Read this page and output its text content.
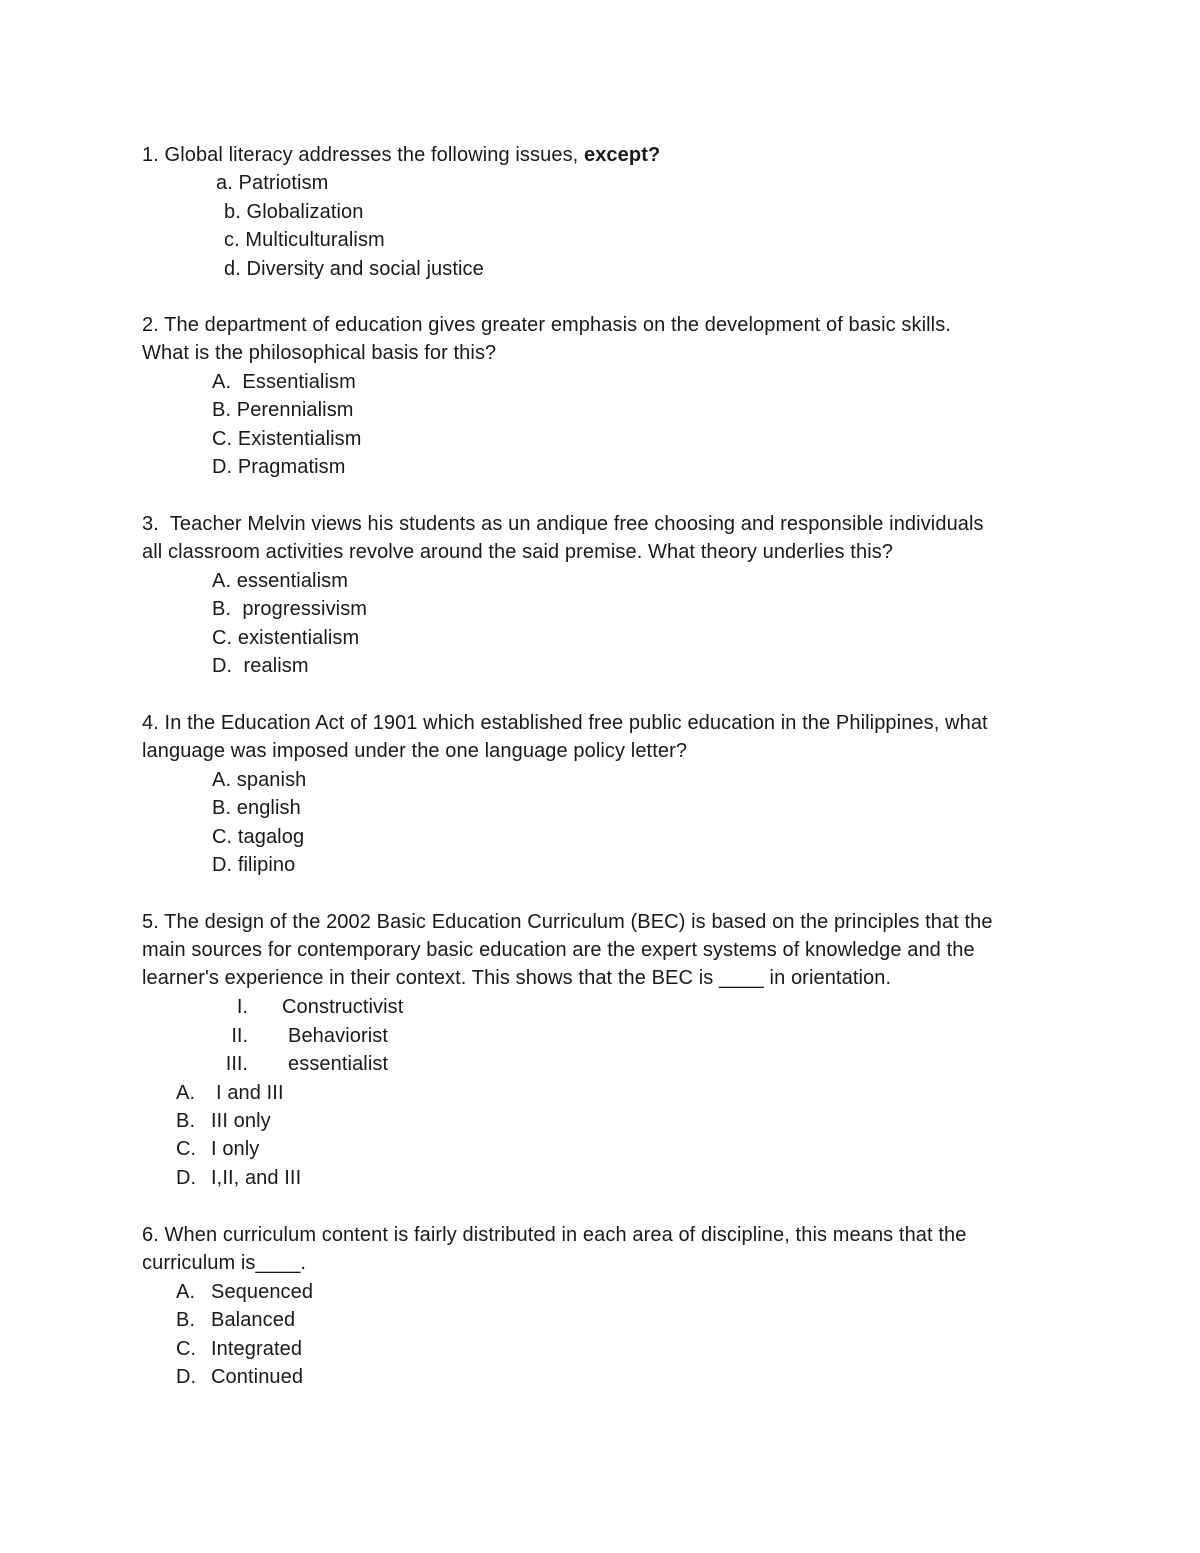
1. Global literacy addresses the following issues, except?
a. Patriotism
b. Globalization
c. Multiculturalism
d. Diversity and social justice
2. The department of education gives greater emphasis on the development of basic skills.
What is the philosophical basis for this?
A.  Essentialism
B. Perennialism
C. Existentialism
D. Pragmatism
3.  Teacher Melvin views his students as un andique free choosing and responsible individuals
all classroom activities revolve around the said premise. What theory underlies this?
A. essentialism
B.  progressivism
C. existentialism
D.  realism
4. In the Education Act of 1901 which established free public education in the Philippines, what
language was imposed under the one language policy letter?
A. spanish
B. english
C. tagalog
D. filipino
5. The design of the 2002 Basic Education Curriculum (BEC) is based on the principles that the
main sources for contemporary basic education are the expert systems of knowledge and the
learner's experience in their context. This shows that the BEC is ____ in orientation.
I. Constructivist
II. Behaviorist
III. essentialist
A. I and III
B. III only
C. I only
D. I,II, and III
6. When curriculum content is fairly distributed in each area of discipline, this means that the
curriculum is____.
A. Sequenced
B. Balanced
C. Integrated
D. Continued
